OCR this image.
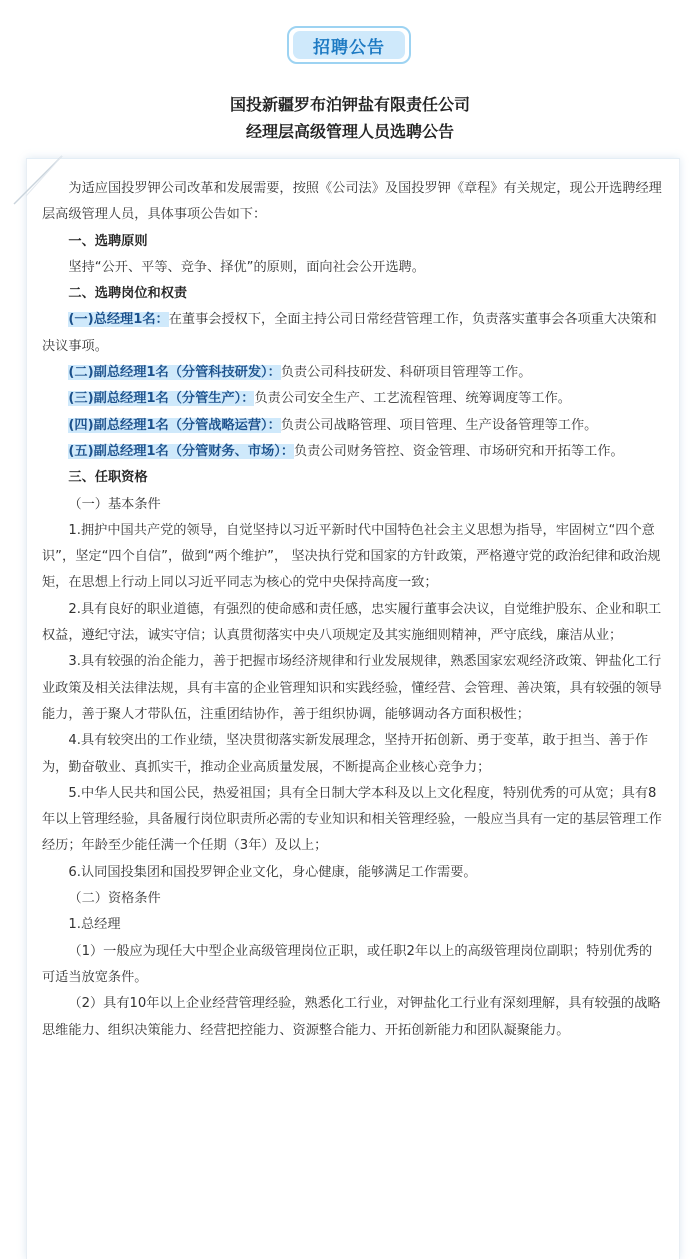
招聘公告
国投新疆罗布泊钾盐有限责任公司
经理层高级管理人员选聘公告

为适应国投罗钾公司改革和发展需要，按照《公司法》及国投罗钾《章程》有关规定，现公开选聘经理层高级管理人员，具体事项公告如下：

一、选聘原则

坚持“公开、平等、竞争、择优”的原则，面向社会公开选聘。

二、选聘岗位和权责

(一)总经理1名：在董事会授权下，全面主持公司日常经营管理工作，负责落实董事会各项重大决策和决议事项。

(二)副总经理1名（分管科技研发）：负责公司科技研发、科研项目管理等工作。

(三)副总经理1名（分管生产）：负责公司安全生产、工艺流程管理、统筹调度等工作。

(四)副总经理1名（分管战略运营）：负责公司战略管理、项目管理、生产设备管理等工作。

(五)副总经理1名（分管财务、市场）：负责公司财务管控、资金管理、市场研究和开拓等工作。

三、任职资格

（一）基本条件

1.拥护中国共产党的领导，自觉坚持以习近平新时代中国特色社会主义思想为指导，牢固树立“四个意识”，坚定“四个自信”，做到“两个维护”， 坚决执行党和国家的方针政策，严格遵守党的政治纪律和政治规矩，在思想上行动上同以习近平同志为核心的党中央保持高度一致；

2.具有良好的职业道德，有强烈的使命感和责任感，忠实履行董事会决议，自觉维护股东、企业和职工权益，遵纪守法，诚实守信；认真贯彻落实中央八项规定及其实施细则精神，严守底线，廉洁从业；

3.具有较强的治企能力，善于把握市场经济规律和行业发展规律，熟悉国家宏观经济政策、钾盐化工行业政策及相关法律法规，具有丰富的企业管理知识和实践经验，懂经营、会管理、善决策，具有较强的领导能力，善于聚人才带队伍，注重团结协作，善于组织协调，能够调动各方面积极性；

4.具有较突出的工作业绩，坚决贯彻落实新发展理念，坚持开拓创新、勇于变革，敢于担当、善于作为，勤奋敬业、真抓实干，推动企业高质量发展，不断提高企业核心竞争力；

5.中华人民共和国公民，热爱祖国；具有全日制大学本科及以上文化程度，特别优秀的可从宽；具有8年以上管理经验，具备履行岗位职责所必需的专业知识和相关管理经验，一般应当具有一定的基层管理工作经历；年龄至少能任满一个任期（3年）及以上；

6.认同国投集团和国投罗钾企业文化，身心健康，能够满足工作需要。

（二）资格条件

1.总经理

（1）一般应为现任大中型企业高级管理岗位正职，或任职2年以上的高级管理岗位副职；特别优秀的可适当放宽条件。

（2）具有10年以上企业经营管理经验，熟悉化工行业，对钾盐化工行业有深刻理解，具有较强的战略思维能力、组织决策能力、经营把控能力、资源整合能力、开拓创新能力和团队凝聚能力。
